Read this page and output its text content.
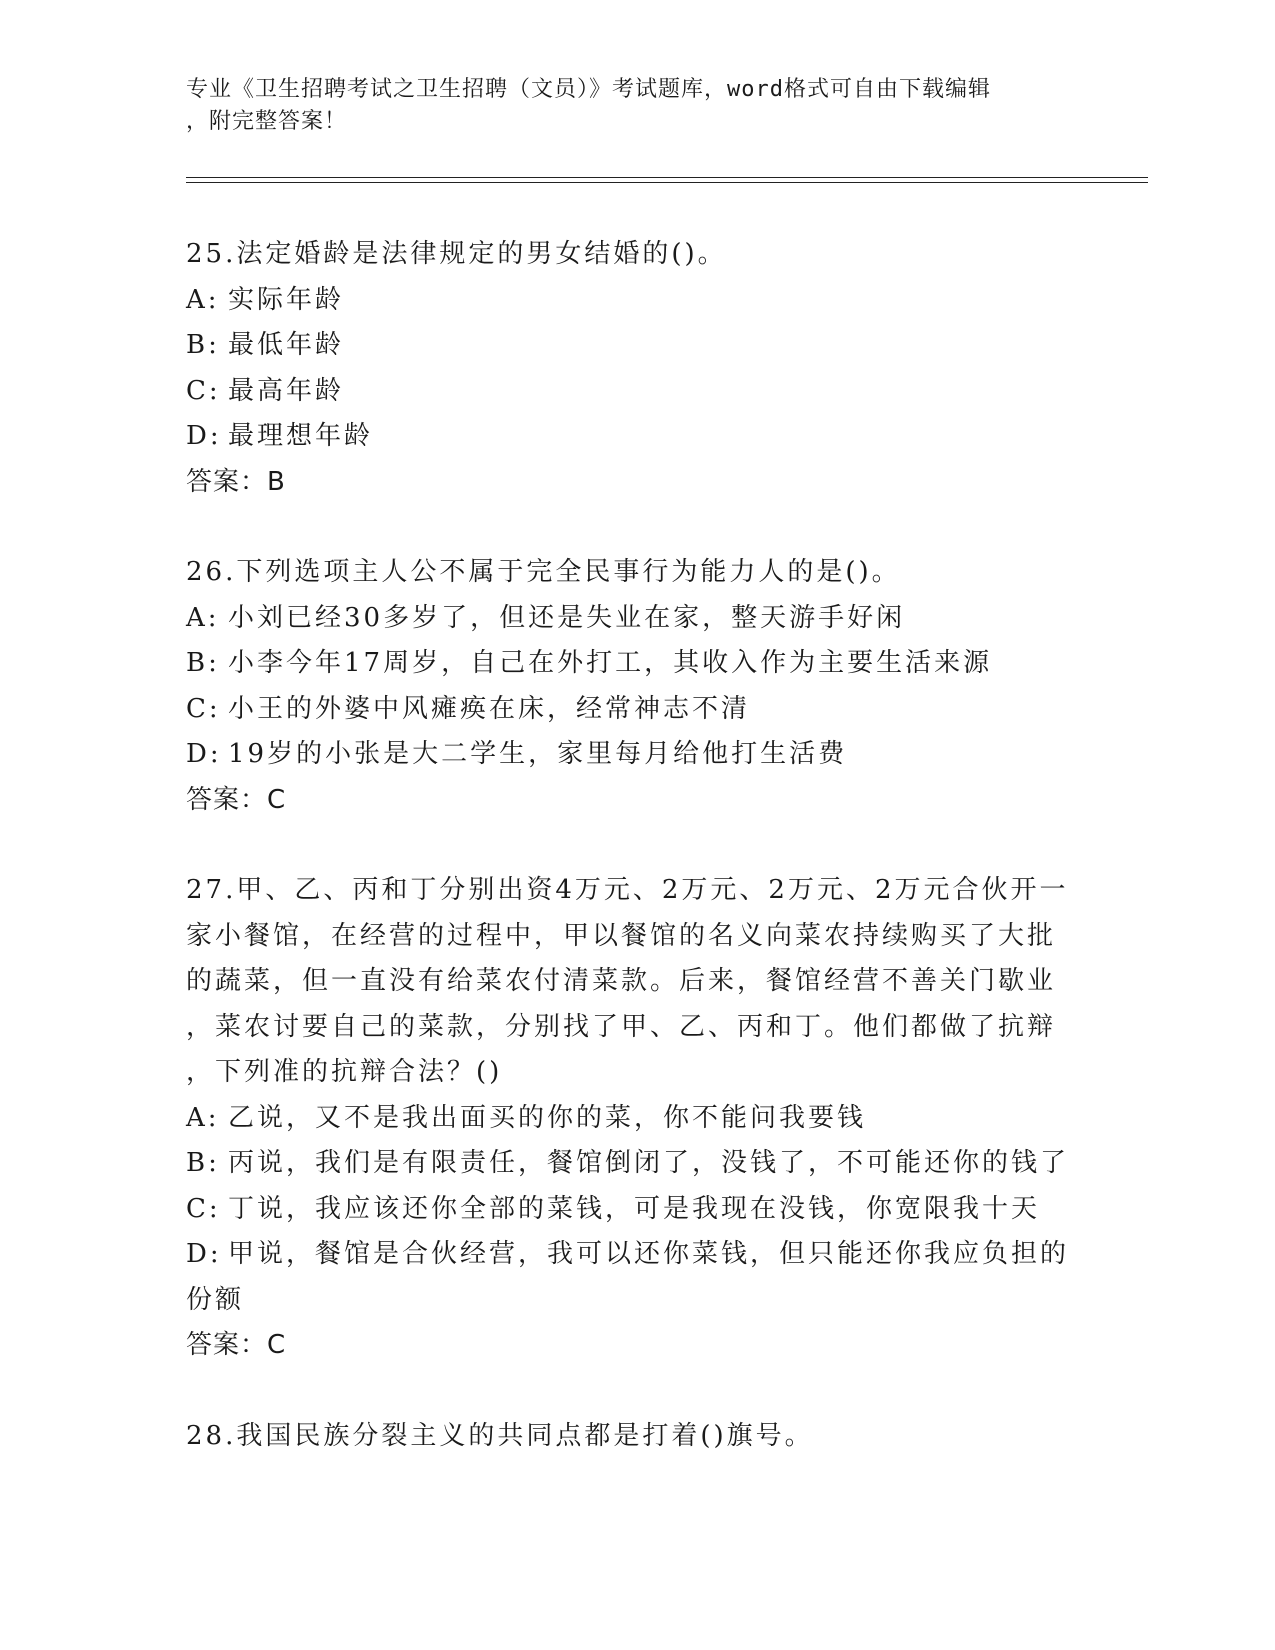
专业《卫生招聘考试之卫生招聘（文员）》考试题库，word格式可自由下载编辑
，附完整答案！
25.法定婚龄是法律规定的男女结婚的()。
A: 实际年龄
B: 最低年龄
C: 最高年龄
D: 最理想年龄
答案：B
26.下列选项主人公不属于完全民事行为能力人的是()。
A: 小刘已经30多岁了，但还是失业在家，整天游手好闲
B: 小李今年17周岁，自己在外打工，其收入作为主要生活来源
C: 小王的外婆中风瘫痪在床，经常神志不清
D: 19岁的小张是大二学生，家里每月给他打生活费
答案：C
27.甲、乙、丙和丁分别出资4万元、2万元、2万元、2万元合伙开一
家小餐馆，在经营的过程中，甲以餐馆的名义向菜农持续购买了大批
的蔬菜，但一直没有给菜农付清菜款。后来，餐馆经营不善关门歇业
，菜农讨要自己的菜款，分别找了甲、乙、丙和丁。他们都做了抗辩
，下列准的抗辩合法？()
A: 乙说，又不是我出面买的你的菜，你不能问我要钱
B: 丙说，我们是有限责任，餐馆倒闭了，没钱了，不可能还你的钱了
C: 丁说，我应该还你全部的菜钱，可是我现在没钱，你宽限我十天
D: 甲说，餐馆是合伙经营，我可以还你菜钱，但只能还你我应负担的
份额
答案：C
28.我国民族分裂主义的共同点都是打着()旗号。
